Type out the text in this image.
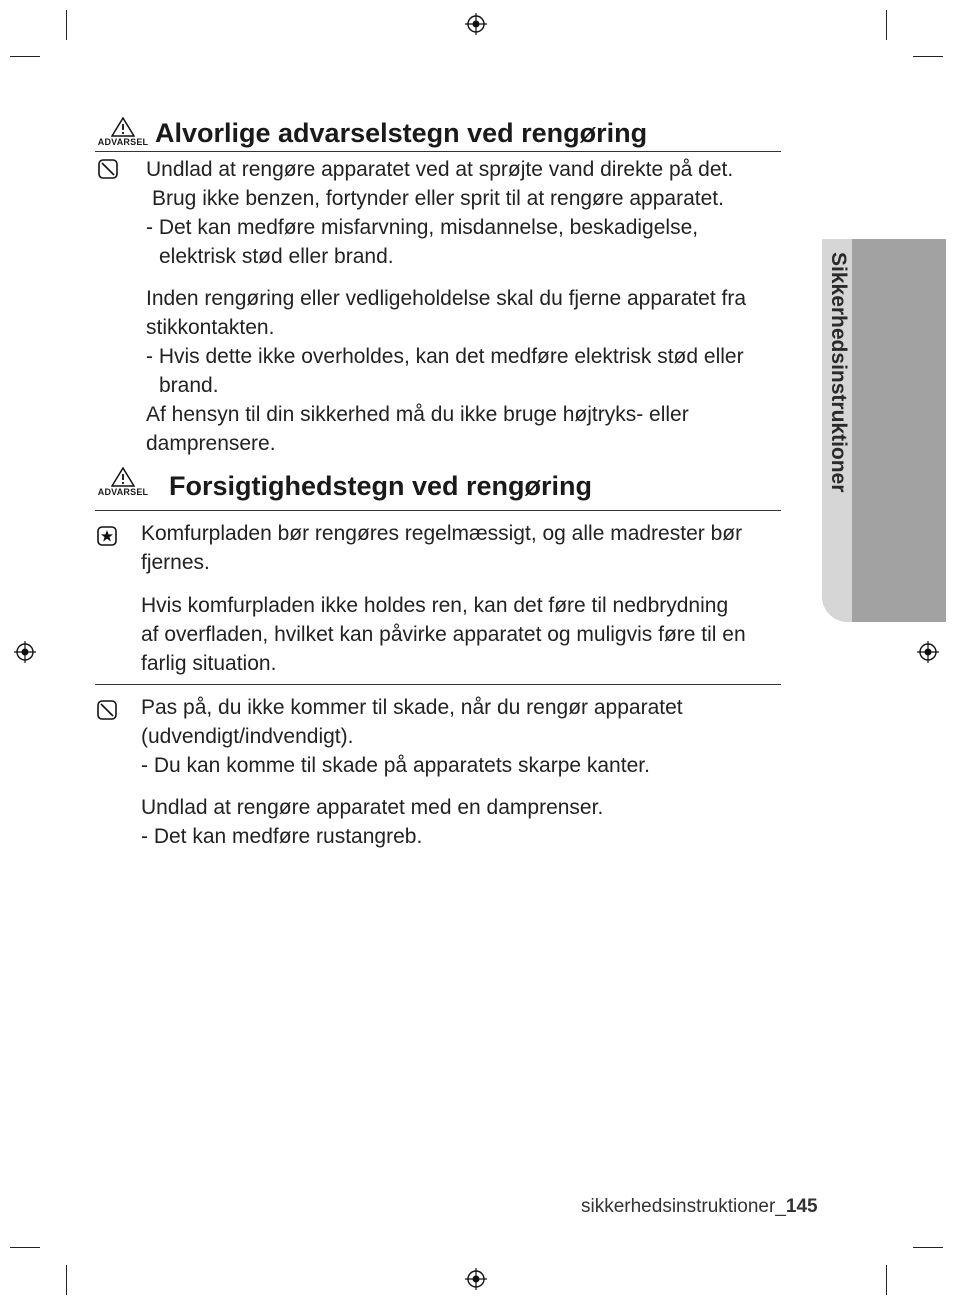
Sikkerhedsinstruktioner
ADVARSEL Alvorlige advarselstegn ved rengøring
Undlad at rengøre apparatet ved at sprøjte vand direkte på det.
Brug ikke benzen, fortynder eller sprit til at rengøre apparatet.
- Det kan medføre misfarvning, misdannelse, beskadigelse,
elektrisk stød eller brand.
Inden rengøring eller vedligeholdelse skal du fjerne apparatet fra
stikkontakten.
- Hvis dette ikke overholdes, kan det medføre elektrisk stød eller
brand.
Af hensyn til din sikkerhed må du ikke bruge højtryks- eller
damprensere.
ADVARSEL Forsigtighedstegn ved rengøring
Komfurpladen bør rengøres regelmæssigt, og alle madrester bør
fjernes.
Hvis komfurpladen ikke holdes ren, kan det føre til nedbrydning
af overfladen, hvilket kan påvirke apparatet og muligvis føre til en
farlig situation.
Pas på, du ikke kommer til skade, når du rengør apparatet
(udvendigt/indvendigt).
- Du kan komme til skade på apparatets skarpe kanter.
Undlad at rengøre apparatet med en damprenser.
- Det kan medføre rustangreb.
sikkerhedsinstruktioner_145
